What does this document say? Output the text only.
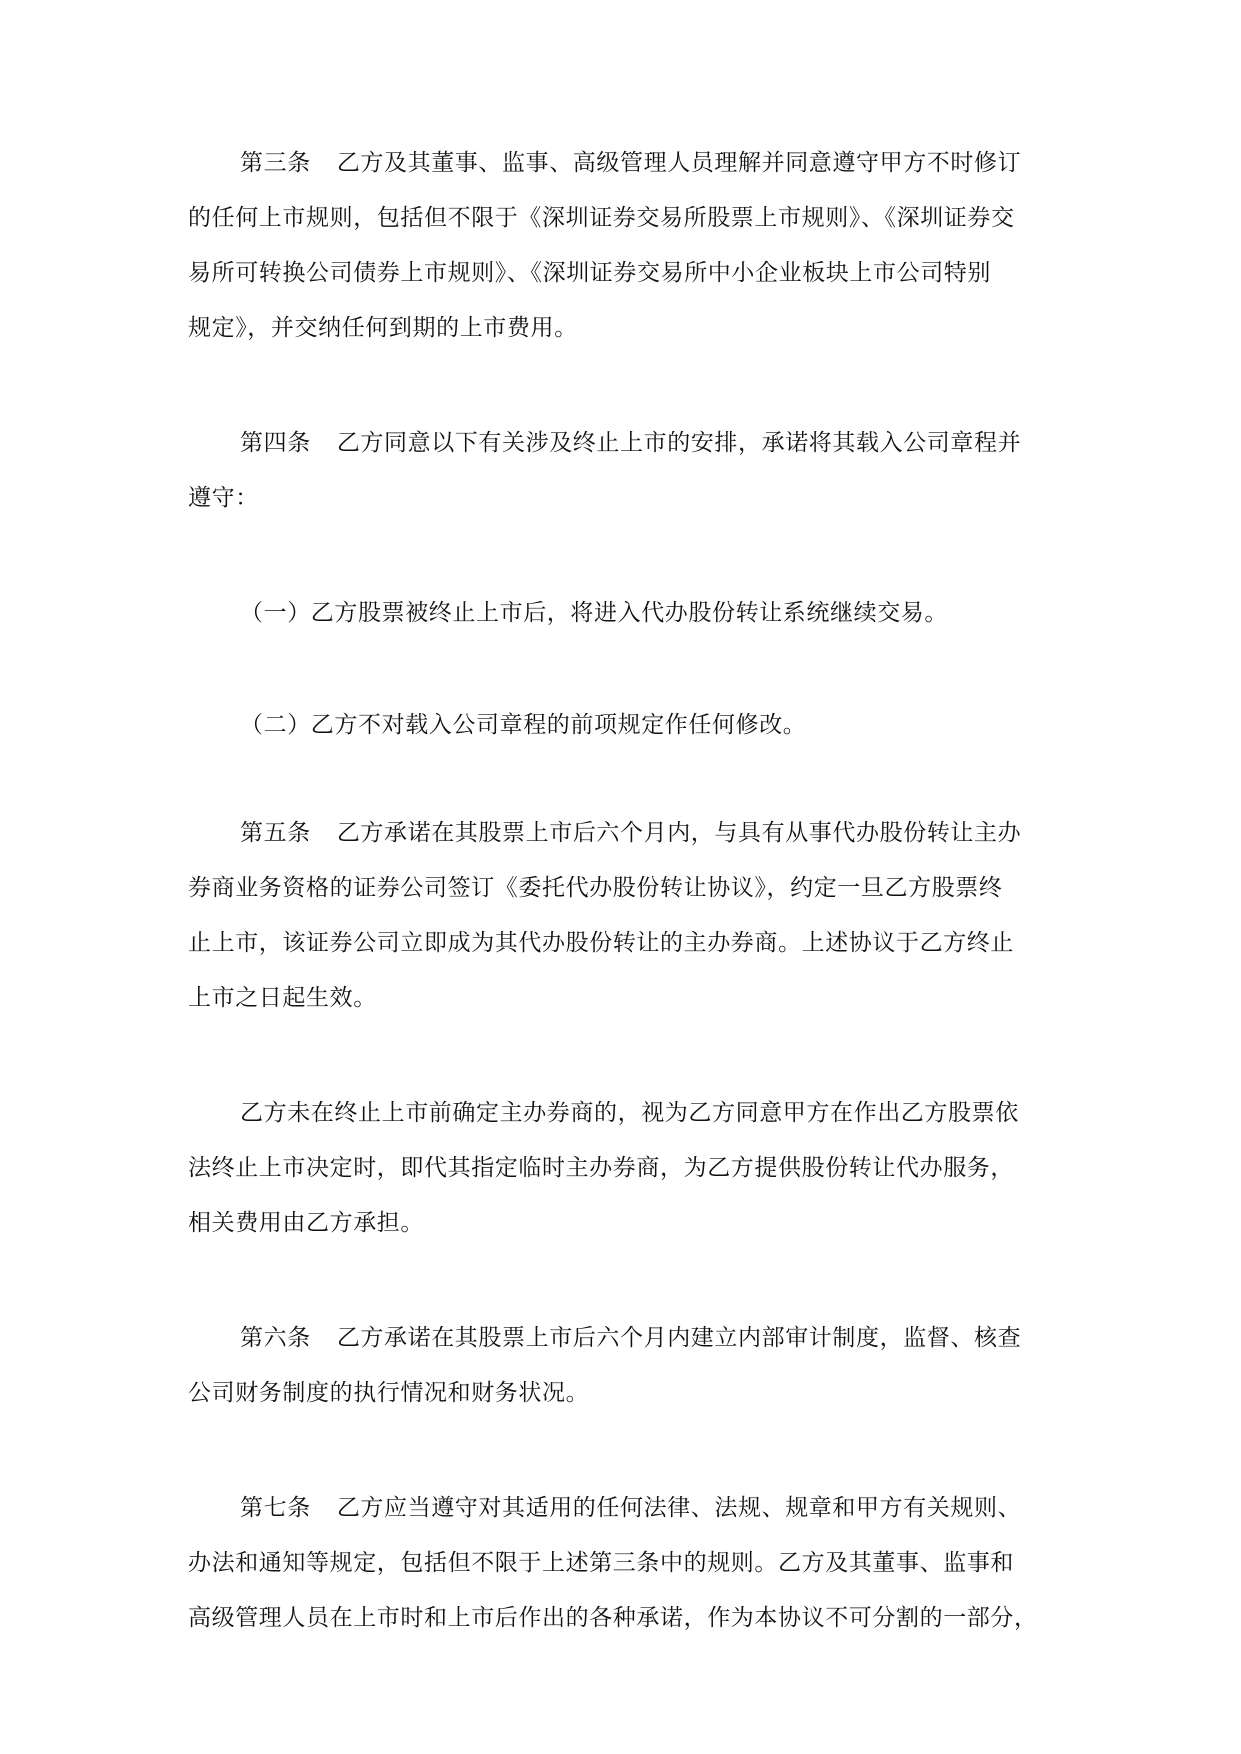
第三条 乙方及其董事、监事、高级管理人员理解并同意遵守甲方不时修订
的任何上市规则，包括但不限于《深圳证券交易所股票上市规则》、《深圳证券交
易所可转换公司债券上市规则》、《深圳证券交易所中小企业板块上市公司特别
规定》，并交纳任何到期的上市费用。
第四条 乙方同意以下有关涉及终止上市的安排，承诺将其载入公司章程并
遵守：
（一）乙方股票被终止上市后，将进入代办股份转让系统继续交易。
（二）乙方不对载入公司章程的前项规定作任何修改。
第五条 乙方承诺在其股票上市后六个月内，与具有从事代办股份转让主办
券商业务资格的证券公司签订《委托代办股份转让协议》，约定一旦乙方股票终
止上市，该证券公司立即成为其代办股份转让的主办券商。上述协议于乙方终止
上市之日起生效。
乙方未在终止上市前确定主办券商的，视为乙方同意甲方在作出乙方股票依
法终止上市决定时，即代其指定临时主办券商，为乙方提供股份转让代办服务，
相关费用由乙方承担。
第六条 乙方承诺在其股票上市后六个月内建立内部审计制度，监督、核查
公司财务制度的执行情况和财务状况。
第七条 乙方应当遵守对其适用的任何法律、法规、规章和甲方有关规则、
办法和通知等规定，包括但不限于上述第三条中的规则。乙方及其董事、监事和
高级管理人员在上市时和上市后作出的各种承诺，作为本协议不可分割的一部分，
